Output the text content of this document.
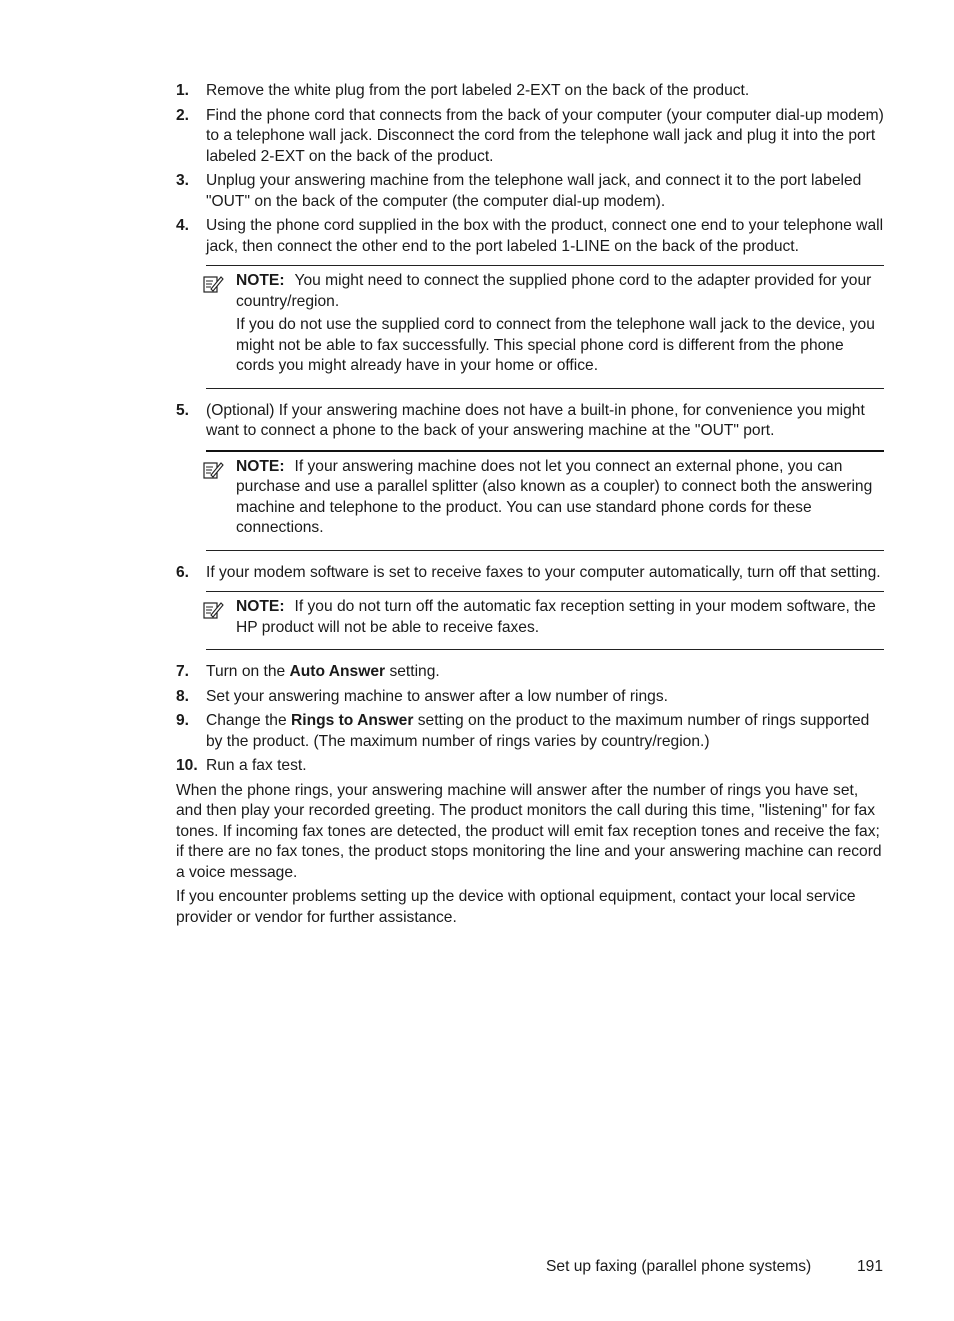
1.	Remove the white plug from the port labeled 2-EXT on the back of the product.
2.	Find the phone cord that connects from the back of your computer (your computer dial-up modem) to a telephone wall jack. Disconnect the cord from the telephone wall jack and plug it into the port labeled 2-EXT on the back of the product.
3.	Unplug your answering machine from the telephone wall jack, and connect it to the port labeled "OUT" on the back of the computer (the computer dial-up modem).
4.	Using the phone cord supplied in the box with the product, connect one end to your telephone wall jack, then connect the other end to the port labeled 1-LINE on the back of the product.

NOTE: You might need to connect the supplied phone cord to the adapter provided for your country/region.

If you do not use the supplied cord to connect from the telephone wall jack to the device, you might not be able to fax successfully. This special phone cord is different from the phone cords you might already have in your home or office.

5.	(Optional) If your answering machine does not have a built-in phone, for convenience you might want to connect a phone to the back of your answering machine at the "OUT" port.

NOTE: If your answering machine does not let you connect an external phone, you can purchase and use a parallel splitter (also known as a coupler) to connect both the answering machine and telephone to the product. You can use standard phone cords for these connections.

6.	If your modem software is set to receive faxes to your computer automatically, turn off that setting.

NOTE: If you do not turn off the automatic fax reception setting in your modem software, the HP product will not be able to receive faxes.

7.	Turn on the Auto Answer setting.
8.	Set your answering machine to answer after a low number of rings.
9.	Change the Rings to Answer setting on the product to the maximum number of rings supported by the product. (The maximum number of rings varies by country/region.)
10. Run a fax test.

When the phone rings, your answering machine will answer after the number of rings you have set, and then play your recorded greeting. The product monitors the call during this time, "listening" for fax tones. If incoming fax tones are detected, the product will emit fax reception tones and receive the fax; if there are no fax tones, the product stops monitoring the line and your answering machine can record a voice message.

If you encounter problems setting up the device with optional equipment, contact your local service provider or vendor for further assistance.

Set up faxing (parallel phone systems)	191
